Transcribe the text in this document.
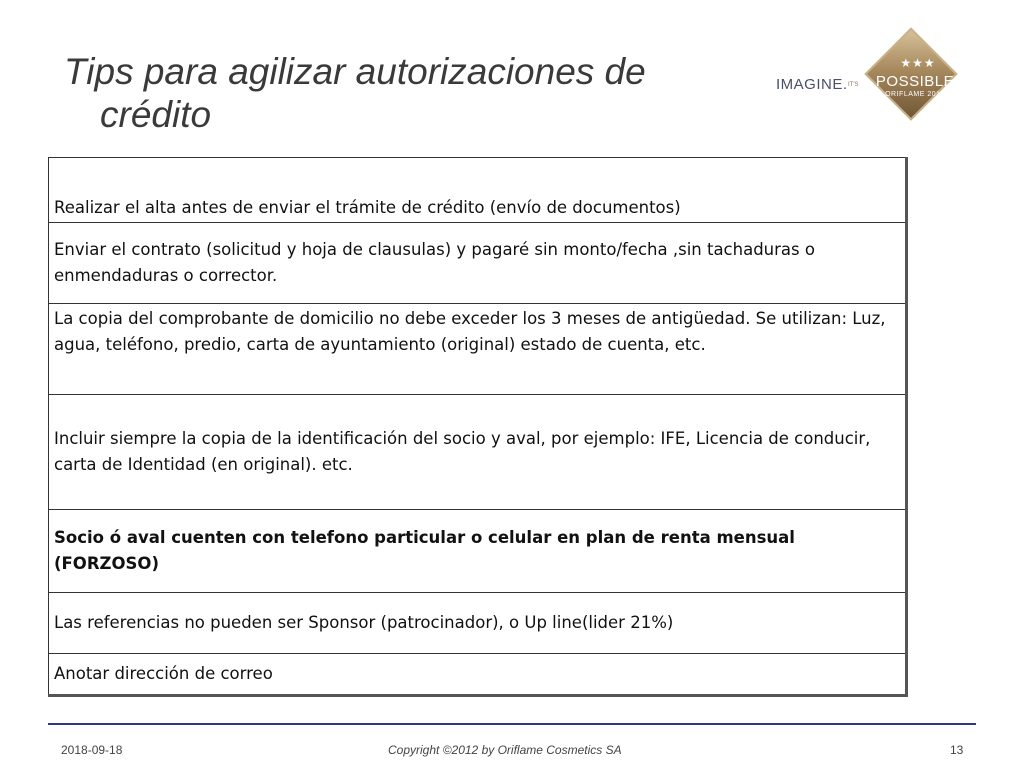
Tips para agilizar autorizaciones de
crédito
IMAGINE. IT'S
★★★
POSSIBLE
ORIFLAME 2012
Realizar el alta antes de enviar el trámite de crédito (envío de documentos)
Enviar el contrato (solicitud y hoja de clausulas) y pagaré sin monto/fecha ,sin tachaduras o enmendaduras o corrector.
La copia del comprobante de domicilio no debe exceder los 3 meses de antigüedad. Se utilizan: Luz, agua, teléfono, predio, carta de ayuntamiento (original) estado de cuenta, etc.
Incluir siempre la copia de la identificación del socio y aval, por ejemplo: IFE, Licencia de conducir, carta de Identidad (en original). etc.
Socio ó aval cuenten con telefono particular o celular en plan de renta mensual (FORZOSO)
Las referencias no pueden ser Sponsor (patrocinador), o Up line(lider 21%)
Anotar dirección de correo
2018-09-18	Copyright ©2012 by Oriflame Cosmetics SA	13
